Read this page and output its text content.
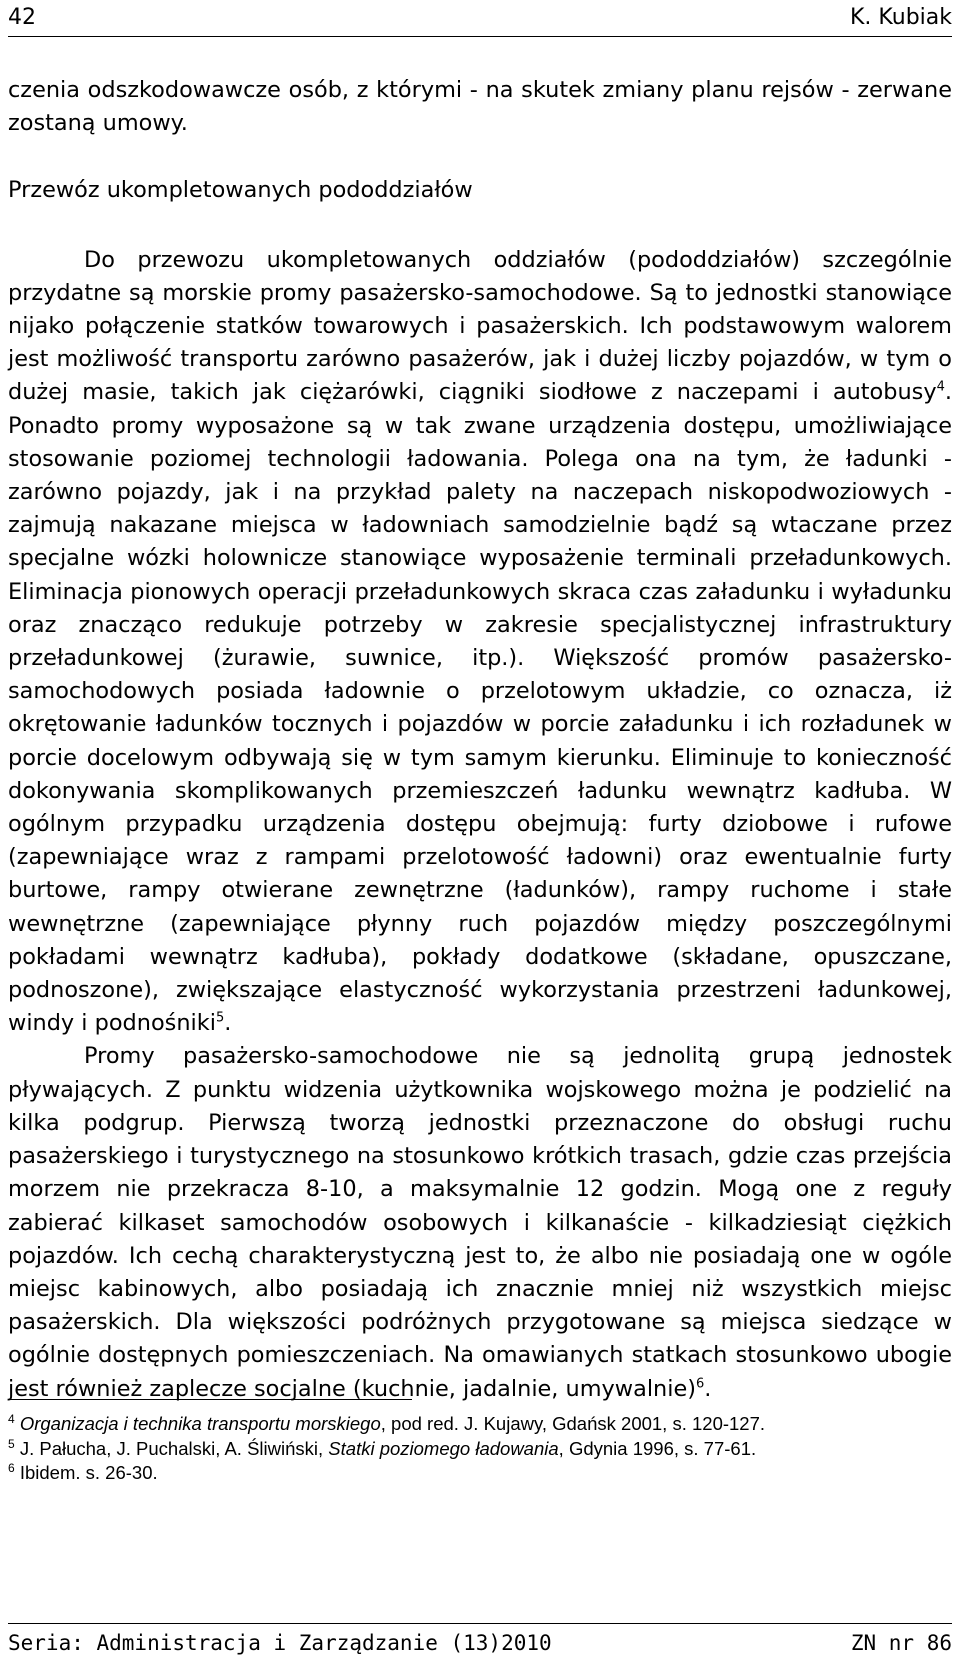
42	K. Kubiak

czenia odszkodowawcze osób, z którymi - na skutek zmiany planu rejsów - zerwane zostaną umowy.

Przewóz ukompletowanych pododdziałów

Do przewozu ukompletowanych oddziałów (pododdziałów) szczególnie przydatne są morskie promy pasażersko-samochodowe. Są to jednostki stanowiące nijako połączenie statków towarowych i pasażerskich. Ich podstawowym walorem jest możliwość transportu zarówno pasażerów, jak i dużej liczby pojazdów, w tym o dużej masie, takich jak ciężarówki, ciągniki siodłowe z naczepami i autobusy$^4$. Ponadto promy wyposażone są w tak zwane urządzenia dostępu, umożliwiające stosowanie poziomej technologii ładowania. Polega ona na tym, że ładunki - zarówno pojazdy, jak i na przykład palety na naczepach niskopodwoziowych - zajmują nakazane miejsca w ładowniach samodzielnie bądź są wtaczane przez specjalne wózki holownicze stanowiące wyposażenie terminali przeładunkowych. Eliminacja pionowych operacji przeładunkowych skraca czas załadunku i wyładunku oraz znacząco redukuje potrzeby w zakresie specjalistycznej infrastruktury przeładunkowej (żurawie, suwnice, itp.). Większość promów pasażersko-samochodowych posiada ładownie o przelotowym układzie, co oznacza, iż okrętowanie ładunków tocznych i pojazdów w porcie załadunku i ich rozładunek w porcie docelowym odbywają się w tym samym kierunku. Eliminuje to konieczność dokonywania skomplikowanych przemieszczeń ładunku wewnątrz kadłuba. W ogólnym przypadku urządzenia dostępu obejmują: furty dziobowe i rufowe (zapewniające wraz z rampami przelotowość ładowni) oraz ewentualnie furty burtowe, rampy otwierane zewnętrzne (ładunków), rampy ruchome i stałe wewnętrzne (zapewniające płynny ruch pojazdów między poszczególnymi pokładami wewnątrz kadłuba), pokłady dodatkowe (składane, opuszczane, podnoszone), zwiększające elastyczność wykorzystania przestrzeni ładunkowej, windy i podnośniki$^5$.

Promy pasażersko-samochodowe nie są jednolitą grupą jednostek pływających. Z punktu widzenia użytkownika wojskowego można je podzielić na kilka podgrup. Pierwszą tworzą jednostki przeznaczone do obsługi ruchu pasażerskiego i turystycznego na stosunkowo krótkich trasach, gdzie czas przejścia morzem nie przekracza 8-10, a maksymalnie 12 godzin. Mogą one z reguły zabierać kilkaset samochodów osobowych i kilkanaście - kilkadziesiąt ciężkich pojazdów. Ich cechą charakterystyczną jest to, że albo nie posiadają one w ogóle miejsc kabinowych, albo posiadają ich znacznie mniej niż wszystkich miejsc pasażerskich. Dla większości podróżnych przygotowane są miejsca siedzące w ogólnie dostępnych pomieszczeniach. Na omawianych statkach stosunkowo ubogie jest również zaplecze socjalne (kuchnie, jadalnie, umywalnie)$^6$.

$^4$ Organizacja i technika transportu morskiego, pod red. J. Kujawy, Gdańsk 2001, s. 120-127.

$^5$ J. Pałucha, J. Puchalski, A. Śliwiński, Statki poziomego ładowania, Gdynia 1996, s. 77-61.

$^6$ Ibidem. s. 26-30.

Seria: Administracja i Zarządzanie (13)2010	ZN nr 86
